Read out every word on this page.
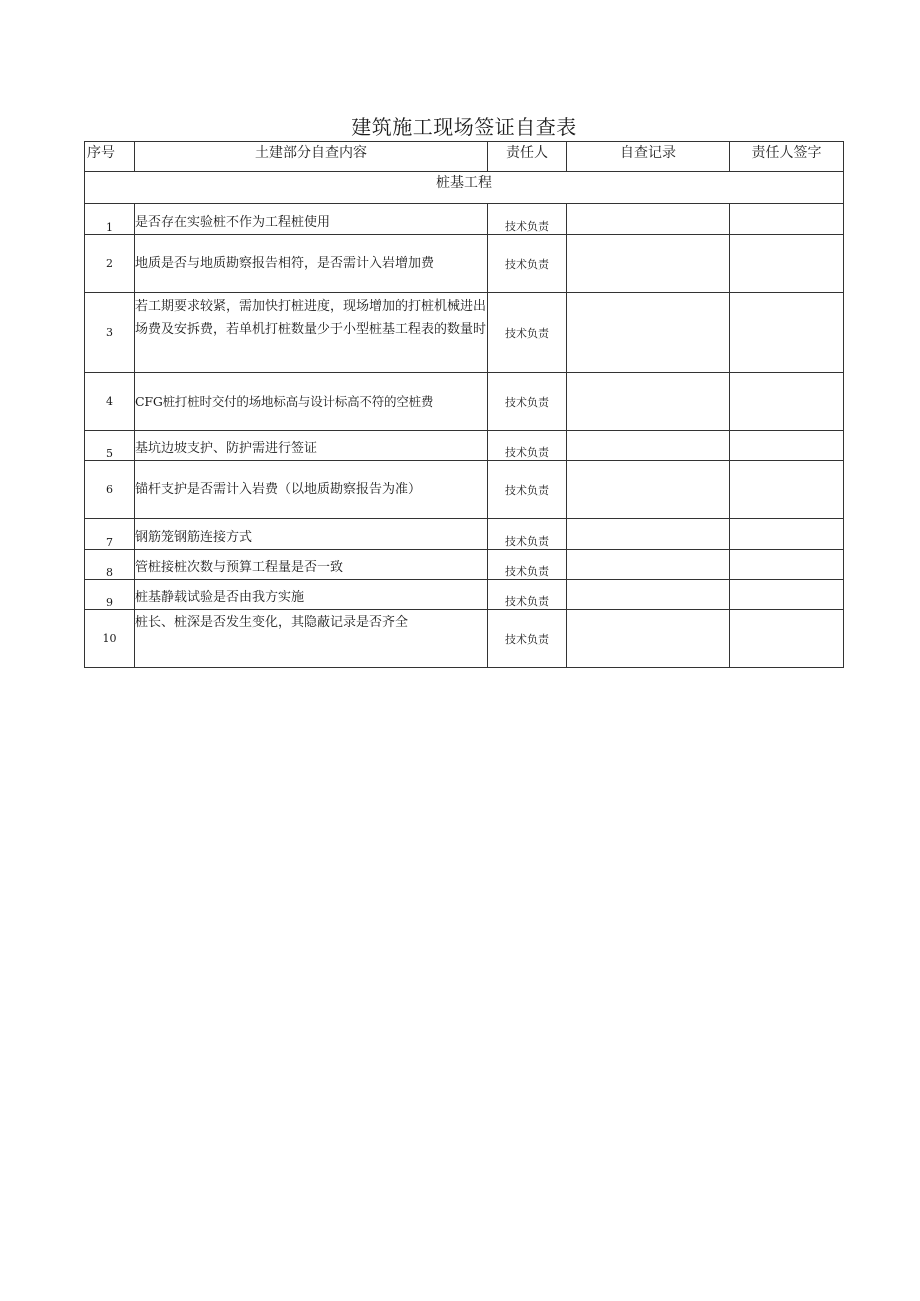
建筑施工现场签证自查表
序号	土建部分自查内容	责任人	自查记录	责任人签字
桩基工程				
1	是否存在实验桩不作为工程桩使用	技术负责		
2	地质是否与地质勘察报告相符，是否需计入岩增加费	技术负责		
3	若工期要求较紧，需加快打桩进度，现场增加的打桩机械进出场费及安拆费，若单机打桩数量少于小型桩基工程表的数量时	技术负责		
4	CFG桩打桩时交付的场地标高与设计标高不符的空桩费	技术负责		
5	基坑边坡支护、防护需进行签证	技术负责		
6	锚杆支护是否需计入岩费（以地质勘察报告为准）	技术负责		
7	钢筋笼钢筋连接方式	技术负责		
8	管桩接桩次数与预算工程量是否一致	技术负责		
9	桩基静载试验是否由我方实施	技术负责		
10	桩长、桩深是否发生变化，其隐蔽记录是否齐全	技术负责		
